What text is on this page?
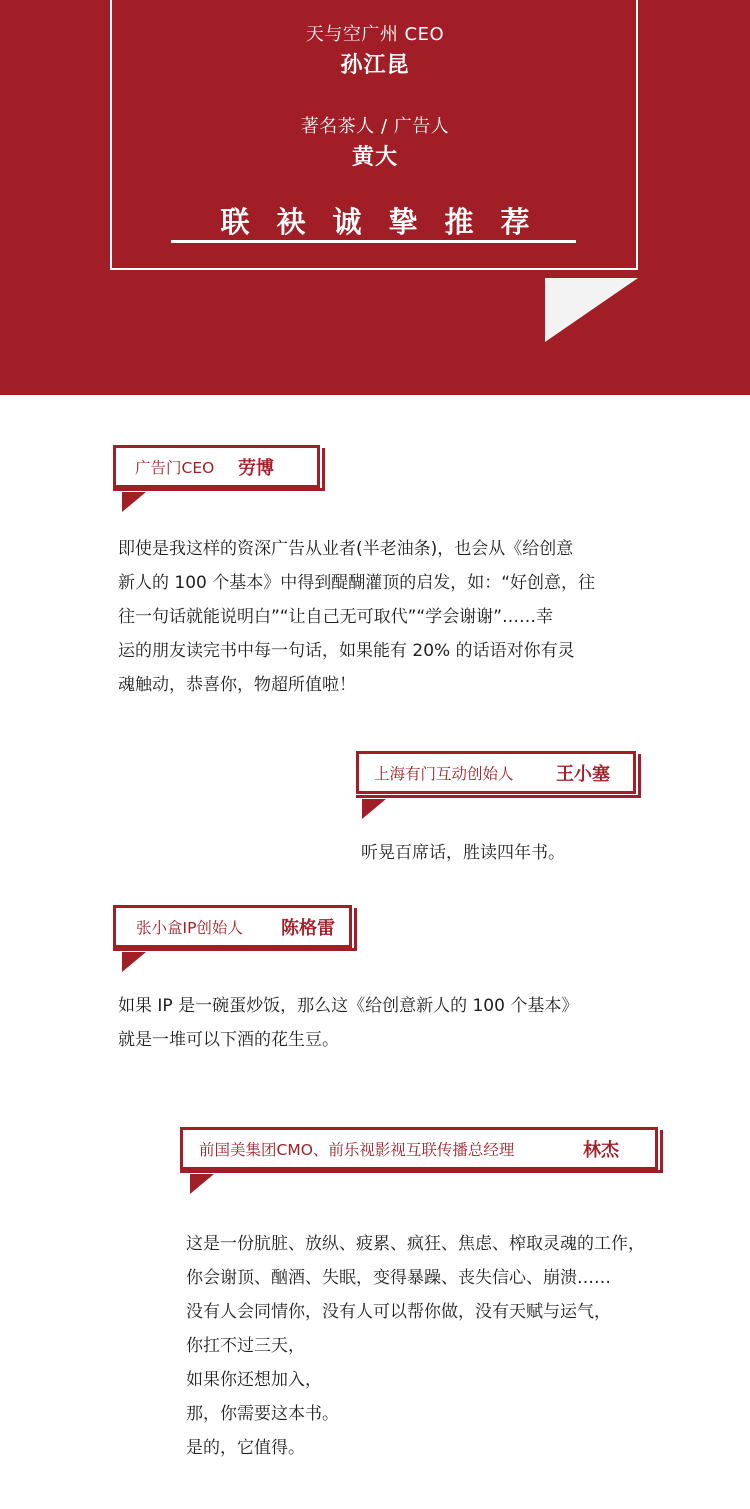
天与空广州 CEO
孙江昆
著名茶人 / 广告人
黄大
联袂诚挚推荐
广告门CEO	劳博
即使是我这样的资深广告从业者(半老油条)，也会从《给创意
新人的 100 个基本》中得到醍醐灌顶的启发，如：“好创意，往
往一句话就能说明白”“让自己无可取代”“学会谢谢”……幸
运的朋友读完书中每一句话，如果能有 20% 的话语对你有灵
魂触动，恭喜你，物超所值啦！
上海有门互动创始人	王小塞
听晃百席话，胜读四年书。
张小盒IP创始人	陈格雷
如果 IP 是一碗蛋炒饭，那么这《给创意新人的 100 个基本》
就是一堆可以下酒的花生豆。
前国美集团CMO、前乐视影视互联传播总经理	林杰
这是一份肮脏、放纵、疲累、疯狂、焦虑、榨取灵魂的工作，
你会谢顶、酗酒、失眠，变得暴躁、丧失信心、崩溃……
没有人会同情你，没有人可以帮你做，没有天赋与运气，
你扛不过三天，
如果你还想加入，
那，你需要这本书。
是的，它值得。
